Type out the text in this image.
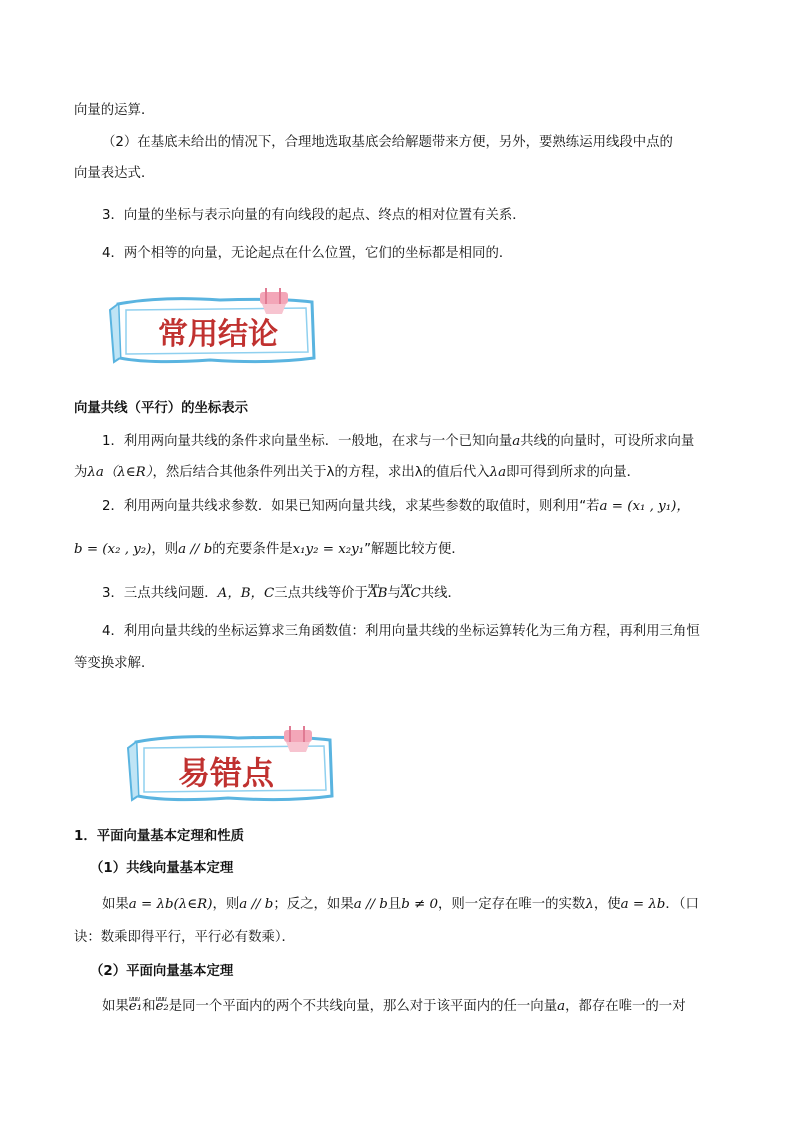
向量的运算．
（2）在基底未给出的情况下，合理地选取基底会给解题带来方便，另外，要熟练运用线段中点的
向量表达式．
3．向量的坐标与表示向量的有向线段的起点、终点的相对位置有关系．
4．两个相等的向量，无论起点在什么位置，它们的坐标都是相同的．
常用结论
向量共线（平行）的坐标表示
1．利用两向量共线的条件求向量坐标．一般地，在求与一个已知向量a共线的向量时，可设所求向量
为λa（λ∈R），然后结合其他条件列出关于λ的方程，求出λ的值后代入λa即可得到所求的向量．
2．利用两向量共线求参数．如果已知两向量共线，求某些参数的取值时，则利用“若a = (x₁ , y₁)，
b = (x₂ , y₂)，则a // b的充要条件是x₁y₂ = x₂y₁”解题比较方便．
3．三点共线问题．A，B，C三点共线等价于uuu AB与uuu AC共线．
4．利用向量共线的坐标运算求三角函数值：利用向量共线的坐标运算转化为三角方程，再利用三角恒
等变换求解．
易错点
1．平面向量基本定理和性质
（1）共线向量基本定理
如果a = λb(λ∈R)，则a // b；反之，如果a // b且b ≠ 0，则一定存在唯一的实数λ，使a = λb．（口
诀：数乘即得平行，平行必有数乘）．
（2）平面向量基本定理
如果uuu e₁和uuu e₂是同一个平面内的两个不共线向量，那么对于该平面内的任一向量a，都存在唯一的一对
